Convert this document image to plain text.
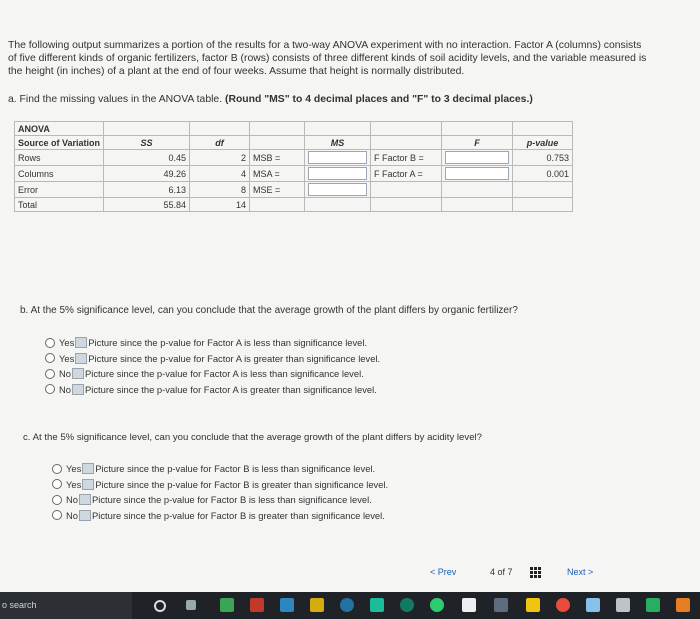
The following output summarizes a portion of the results for a two-way ANOVA experiment with no interaction. Factor A (columns) consists of five different kinds of organic fertilizers, factor B (rows) consists of three different kinds of soil acidity levels, and the variable measured is the height (in inches) of a plant at the end of four weeks. Assume that height is normally distributed.
a. Find the missing values in the ANOVA table. (Round "MS" to 4 decimal places and "F" to 3 decimal places.)
ANOVA							
Source of Variation	SS	df		MS		F	p-value
Rows	0.45	2	MSB =		F Factor B =		0.753
Columns	49.26	4	MSA =		F Factor A =		0.001
Error	6.13	8	MSE =	

Total	55.84	14					
b. At the 5% significance level, can you conclude that the average growth of the plant differs by organic fertilizer?
Yes Picture since the p-value for Factor A is less than significance level.
Yes Picture since the p-value for Factor A is greater than significance level.
No Picture since the p-value for Factor A is less than significance level.
No Picture since the p-value for Factor A is greater than significance level.
c. At the 5% significance level, can you conclude that the average growth of the plant differs by acidity level?
Yes Picture since the p-value for Factor B is less than significance level.
Yes Picture since the p-value for Factor B is greater than significance level.
No Picture since the p-value for Factor B is less than significance level.
No Picture since the p-value for Factor B is greater than significance level.
< Prev	4 of 7	Next >
o search
